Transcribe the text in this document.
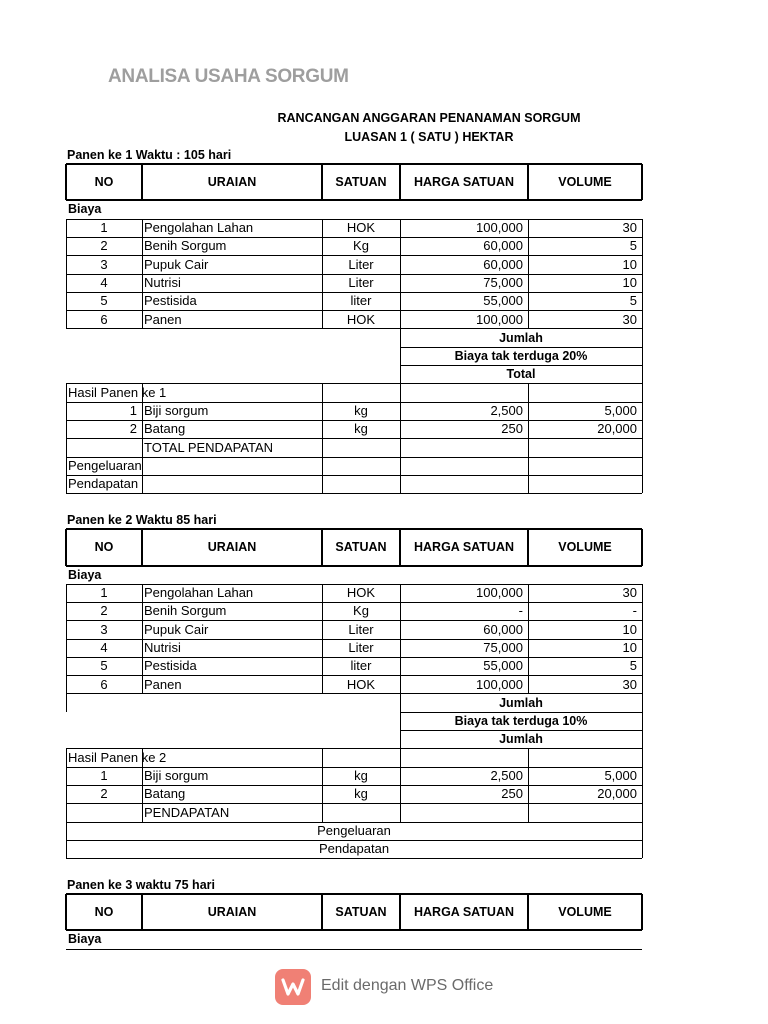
ANALISA USAHA SORGUM
RANCANGAN ANGGARAN PENANAMAN SORGUM
LUASAN 1 ( SATU ) HEKTAR
Panen ke 1 Waktu : 105 hari
Panen ke 2 Waktu 85 hari
Panen ke 3 waktu 75 hari
NO	URAIAN	SATUAN	HARGA SATUAN	VOLUME
Biaya
1	Pengolahan Lahan	HOK	100,000	30
2	Benih Sorgum	Kg	60,000	5
3	Pupuk Cair	Liter	60,000	10
4	Nutrisi	Liter	75,000	10
5	Pestisida	liter	55,000	5
6	Panen	HOK	100,000	30
Jumlah
Biaya tak terduga 20%
Total
Hasil Panen ke 1
1 Biji sorgum	kg	2,500	5,000
2 Batang	kg	250	20,000
TOTAL PENDAPATAN
Pengeluaran
Pendapatan
NO	URAIAN	SATUAN	HARGA SATUAN	VOLUME
Biaya
1	Pengolahan Lahan	HOK	100,000	30
2	Benih Sorgum	Kg	-	-
3	Pupuk Cair	Liter	60,000	10
4	Nutrisi	Liter	75,000	10
5	Pestisida	liter	55,000	5
6	Panen	HOK	100,000	30
Jumlah
Biaya tak terduga 10%
Jumlah
Hasil Panen ke 2
1	Biji sorgum	kg	2,500	5,000
2	Batang	kg	250	20,000
PENDAPATAN
Pengeluaran
Pendapatan
NO	URAIAN	SATUAN	HARGA SATUAN	VOLUME
Biaya
Edit dengan WPS Office
